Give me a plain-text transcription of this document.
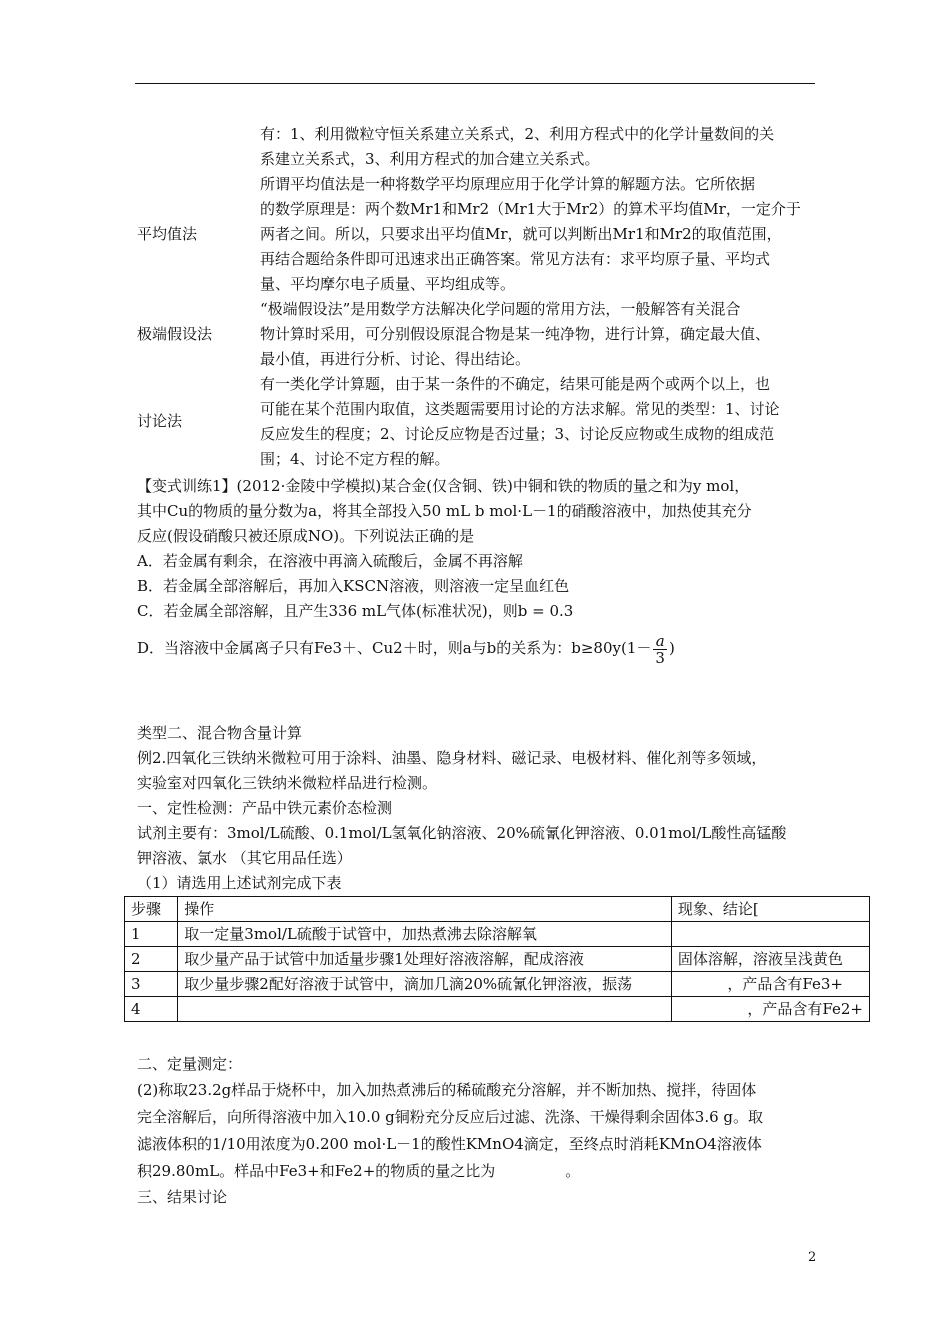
有：1、利用微粒守恒关系建立关系式，2、利用方程式中的化学计量数间的关
系建立关系式，3、利用方程式的加合建立关系式。
平均值法
所谓平均值法是一种将数学平均原理应用于化学计算的解题方法。它所依据
的数学原理是：两个数Mr1和Mr2（Mr1大于Mr2）的算术平均值Mr，一定介于
两者之间。所以，只要求出平均值Mr，就可以判断出Mr1和Mr2的取值范围，
再结合题给条件即可迅速求出正确答案。常见方法有：求平均原子量、平均式
量、平均摩尔电子质量、平均组成等。
极端假设法
“极端假设法”是用数学方法解决化学问题的常用方法，一般解答有关混合
物计算时采用，可分别假设原混合物是某一纯净物，进行计算，确定最大值、
最小值，再进行分析、讨论、得出结论。
讨论法
有一类化学计算题，由于某一条件的不确定，结果可能是两个或两个以上，也
可能在某个范围内取值，这类题需要用讨论的方法求解。常见的类型：1、讨论
反应发生的程度；2、讨论反应物是否过量；3、讨论反应物或生成物的组成范
围；4、讨论不定方程的解。
【变式训练1】(2012·金陵中学模拟)某合金(仅含铜、铁)中铜和铁的物质的量之和为y mol，
其中Cu的物质的量分数为a，将其全部投入50 mL b mol·L－1的硝酸溶液中，加热使其充分
反应(假设硝酸只被还原成NO)。下列说法正确的是
A．若金属有剩余，在溶液中再滴入硫酸后，金属不再溶解
B．若金属全部溶解后，再加入KSCN溶液，则溶液一定呈血红色
C．若金属全部溶解，且产生336 mL气体(标准状况)，则b = 0.3
D．当溶液中金属离子只有Fe3＋、Cu2＋时，则a与b的关系为：$b\ge 80y(1- \frac{a}{3}$ )
类型二、混合物含量计算
例2.四氧化三铁纳米微粒可用于涂料、油墨、隐身材料、磁记录、电极材料、催化剂等多领域，
实验室对四氧化三铁纳米微粒样品进行检测。
一、定性检测：产品中铁元素价态检测
试剂主要有：3mol/L硫酸、0.1mol/L氢氧化钠溶液、20%硫氰化钾溶液、0.01mol/L酸性高锰酸
钾溶液、氯水 （其它用品任选）
（1）请选用上述试剂完成下表
步骤	操作	现象、结论[
1	取一定量3mol/L硫酸于试管中，加热煮沸去除溶解氧	
2	取少量产品于试管中加适量步骤1处理好溶液溶解，配成溶液	固体溶解，溶液呈浅黄色
3	取少量步骤2配好溶液于试管中，滴加几滴20%硫氰化钾溶液，振荡	，产品含有Fe3+
4		，产品含有Fe2+
二、定量测定：
(2)称取23.2g样品于烧杯中，加入加热煮沸后的稀硫酸充分溶解，并不断加热、搅拌，待固体
完全溶解后，向所得溶液中加入10.0 g铜粉充分反应后过滤、洗涤、干燥得剩余固体3.6 g。取
滤液体积的1/10用浓度为0.200 mol·L－1的酸性KMnO4滴定，至终点时消耗KMnO4溶液体
积29.80mL。样品中Fe3+和Fe2+的物质的量之比为	。
三、结果讨论
2
